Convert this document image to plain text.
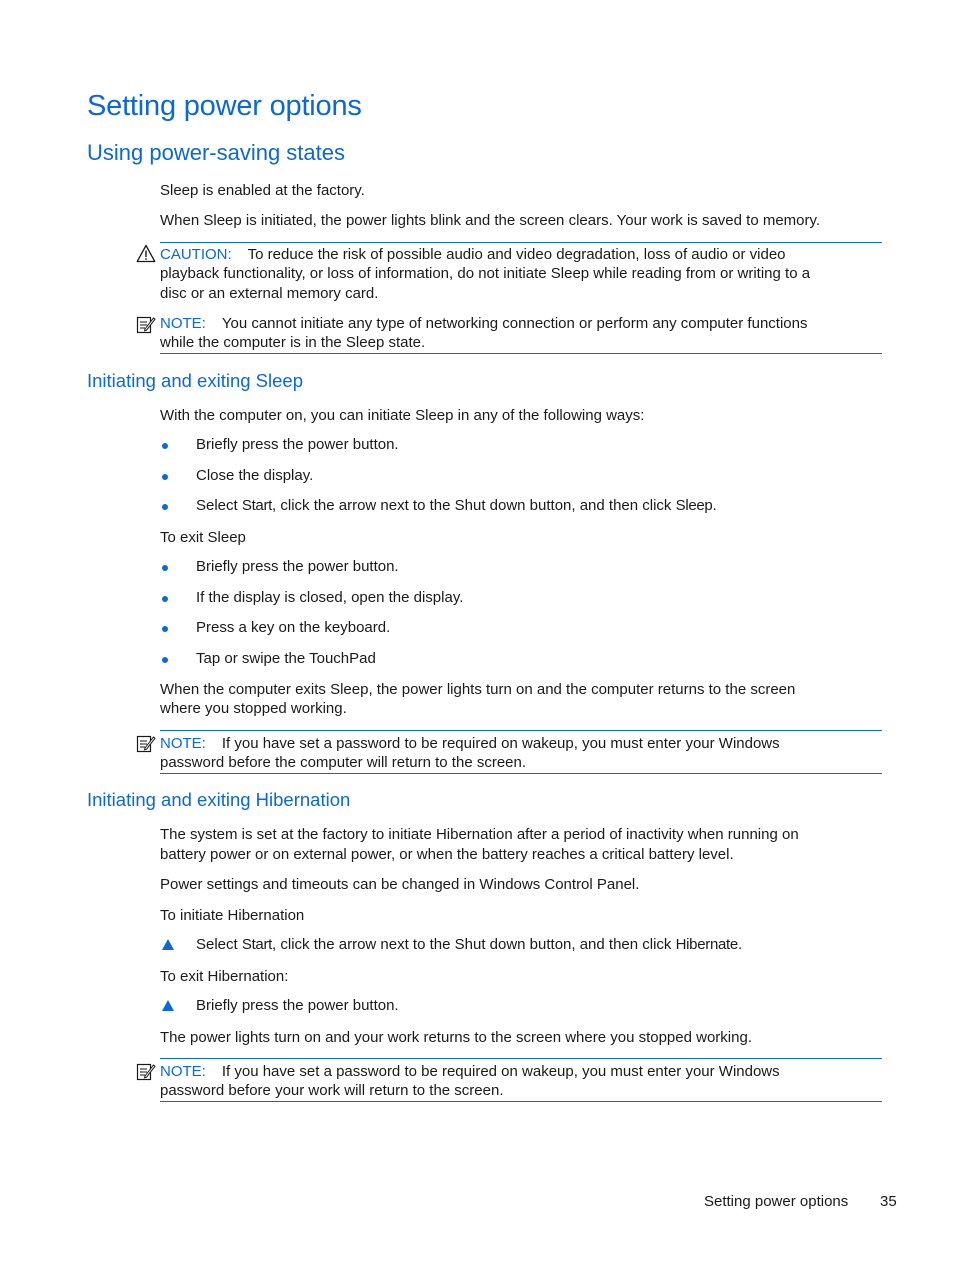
Setting power options
Using power-saving states
Sleep is enabled at the factory.
When Sleep is initiated, the power lights blink and the screen clears. Your work is saved to memory.
CAUTION: To reduce the risk of possible audio and video degradation, loss of audio or video
playback functionality, or loss of information, do not initiate Sleep while reading from or writing to a
disc or an external memory card.
NOTE: You cannot initiate any type of networking connection or perform any computer functions
while the computer is in the Sleep state.
Initiating and exiting Sleep
With the computer on, you can initiate Sleep in any of the following ways:
Briefly press the power button.
Close the display.
Select Start, click the arrow next to the Shut down button, and then click Sleep.
To exit Sleep
Briefly press the power button.
If the display is closed, open the display.
Press a key on the keyboard.
Tap or swipe the TouchPad
When the computer exits Sleep, the power lights turn on and the computer returns to the screen
where you stopped working.
NOTE: If you have set a password to be required on wakeup, you must enter your Windows
password before the computer will return to the screen.
Initiating and exiting Hibernation
The system is set at the factory to initiate Hibernation after a period of inactivity when running on
battery power or on external power, or when the battery reaches a critical battery level.
Power settings and timeouts can be changed in Windows Control Panel.
To initiate Hibernation
Select Start, click the arrow next to the Shut down button, and then click Hibernate.
To exit Hibernation:
Briefly press the power button.
The power lights turn on and your work returns to the screen where you stopped working.
NOTE: If you have set a password to be required on wakeup, you must enter your Windows
password before your work will return to the screen.
Setting power options 35
